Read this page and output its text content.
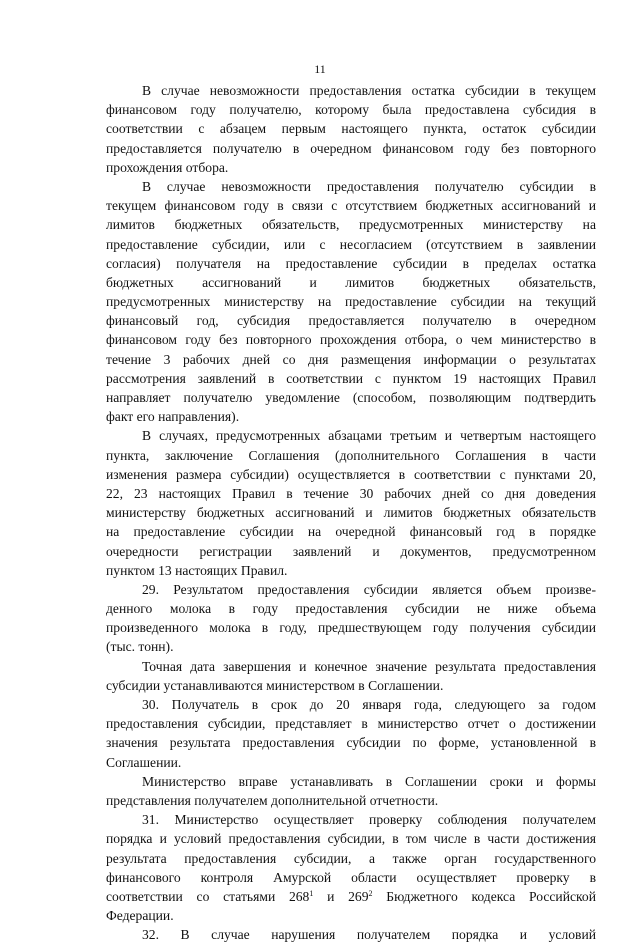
11
В случае невозможности предоставления остатка субсидии в текущем
финансовом году получателю, которому была предоставлена субсидия в
соответствии с абзацем первым настоящего пункта, остаток субсидии
предоставляется получателю в очередном финансовом году без повторного
прохождения отбора.
В случае невозможности предоставления получателю субсидии в
текущем финансовом году в связи с отсутствием бюджетных ассигнований и
лимитов бюджетных обязательств, предусмотренных министерству на
предоставление субсидии, или с несогласием (отсутствием в заявлении
согласия) получателя на предоставление субсидии в пределах остатка
бюджетных ассигнований и лимитов бюджетных обязательств,
предусмотренных министерству на предоставление субсидии на текущий
финансовый год, субсидия предоставляется получателю в очередном
финансовом году без повторного прохождения отбора, о чем министерство в
течение 3 рабочих дней со дня размещения информации о результатах
рассмотрения заявлений в соответствии с пунктом 19 настоящих Правил
направляет получателю уведомление (способом, позволяющим подтвердить
факт его направления).
В случаях, предусмотренных абзацами третьим и четвертым настоящего
пункта, заключение Соглашения (дополнительного Соглашения в части
изменения размера субсидии) осуществляется в соответствии с пунктами 20,
22, 23 настоящих Правил в течение 30 рабочих дней со дня доведения
министерству бюджетных ассигнований и лимитов бюджетных обязательств
на предоставление субсидии на очередной финансовый год в порядке
очередности регистрации заявлений и документов, предусмотренном
пунктом 13 настоящих Правил.
29. Результатом предоставления субсидии является объем произве-
денного молока в году предоставления субсидии не ниже объема
произведенного молока в году, предшествующем году получения субсидии
(тыс. тонн).
Точная дата завершения и конечное значение результата предоставления
субсидии устанавливаются министерством в Соглашении.
30. Получатель в срок до 20 января года, следующего за годом
предоставления субсидии, представляет в министерство отчет о достижении
значения результата предоставления субсидии по форме, установленной в
Соглашении.
Министерство вправе устанавливать в Соглашении сроки и формы
представления получателем дополнительной отчетности.
31. Министерство осуществляет проверку соблюдения получателем
порядка и условий предоставления субсидии, в том числе в части достижения
результата предоставления субсидии, а также орган государственного
финансового контроля Амурской области осуществляет проверку в
соответствии со статьями $268^1$ и $269^2$ Бюджетного кодекса Российской
Федерации.
32. В случае нарушения получателем порядка и условий
